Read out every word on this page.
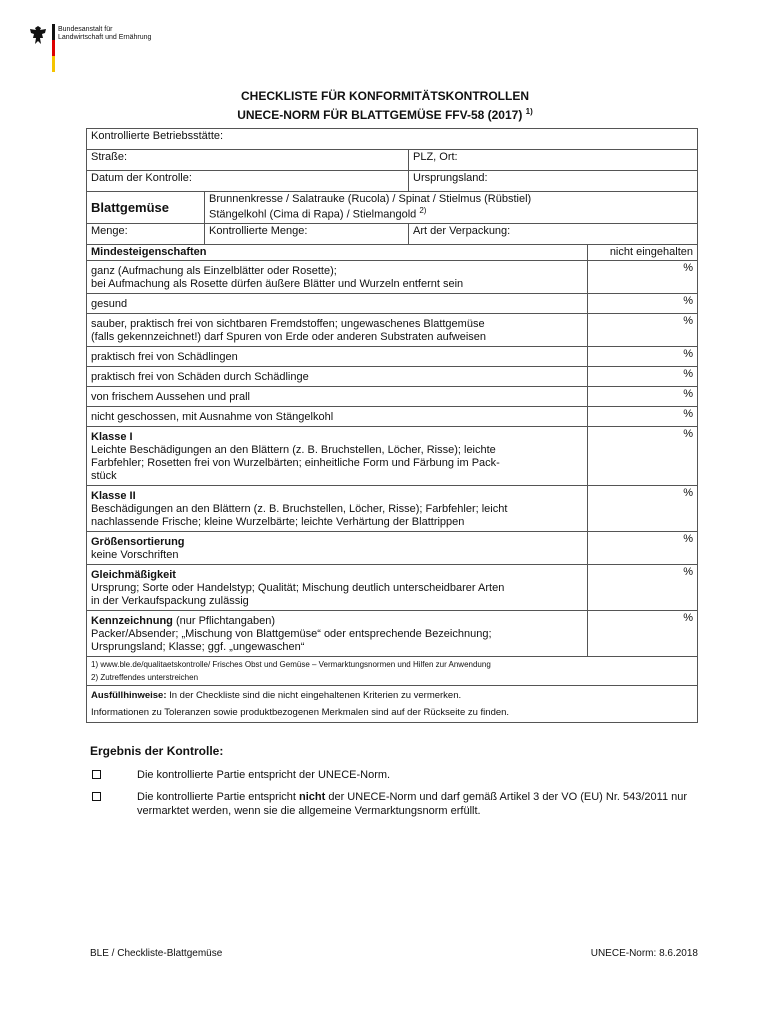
Bundesanstalt für
Landwirtschaft und Ernährung
CHECKLISTE FÜR KONFORMITÄTSKONTROLLEN
UNECE-NORM FÜR BLATTGEMÜSE FFV-58 (2017) $^{1)}$
Kontrollierte Betriebsstätte:			
Straße:		PLZ, Ort:	
Datum der Kontrolle:		Ursprungsland:	
Blattgemüse	Brunnenkresse / Salatrauke (Rucola) / Spinat / Stielmus (Rübstiel)
Stängelkohl (Cima di Rapa) / Stielmangold $^{2)}$

Menge:	Kontrollierte Menge:	Art der Verpackung:	
Mindesteigenschaften			nicht eingehalten

ganz (Aufmachung als Einzelblätter oder Rosette);
bei Aufmachung als Rosette dürfen äußere Blätter und Wurzeln entfernt sein			%

gesund			%

sauber, praktisch frei von sichtbaren Fremdstoffen; ungewaschenes Blattgemüse
(falls gekennzeichnet!) darf Spuren von Erde oder anderen Substraten aufweisen			%

praktisch frei von Schädlingen			%

praktisch frei von Schäden durch Schädlinge			%

von frischem Aussehen und prall			%

nicht geschossen, mit Ausnahme von Stängelkohl			%

Klasse I
Leichte Beschädigungen an den Blättern (z. B. Bruchstellen, Löcher, Risse); leichte
Farbfehler; Rosetten frei von Wurzelbärten; einheitliche Form und Färbung im Pack-
stück			%

Klasse II
Beschädigungen an den Blättern (z. B. Bruchstellen, Löcher, Risse); Farbfehler; leicht
nachlassende Frische; kleine Wurzelbärte; leichte Verhärtung der Blattrippen			%

Größensortierung
keine Vorschriften			%

Gleichmäßigkeit
Ursprung; Sorte oder Handelstyp; Qualität; Mischung deutlich unterscheidbarer Arten
in der Verkaufspackung zulässig			%

Kennzeichnung (nur Pflichtangaben)
Packer/Absender; „Mischung von Blattgemüse“ oder entsprechende Bezeichnung;
Ursprungsland; Klasse; ggf. „ungewaschen“			%

1) www.ble.de/qualitaetskontrolle/ Frisches Obst und Gemüse – Vermarktungsnormen und Hilfen zur Anwendung
2) Zutreffendes unterstreichen			

Ausfüllhinweise: In der Checkliste sind die nicht eingehaltenen Kriterien zu vermerken.
Informationen zu Toleranzen sowie produktbezogenen Merkmalen sind auf der Rückseite zu finden.			
Ergebnis der Kontrolle:
Die kontrollierte Partie entspricht der UNECE-Norm.
Die kontrollierte Partie entspricht nicht der UNECE-Norm und darf gemäß Artikel 3 der VO (EU) Nr. 543/2011 nur vermarktet werden, wenn sie die allgemeine Vermarktungsnorm erfüllt.
BLE / Checkliste-Blattgemüse	UNECE-Norm: 8.6.2018
